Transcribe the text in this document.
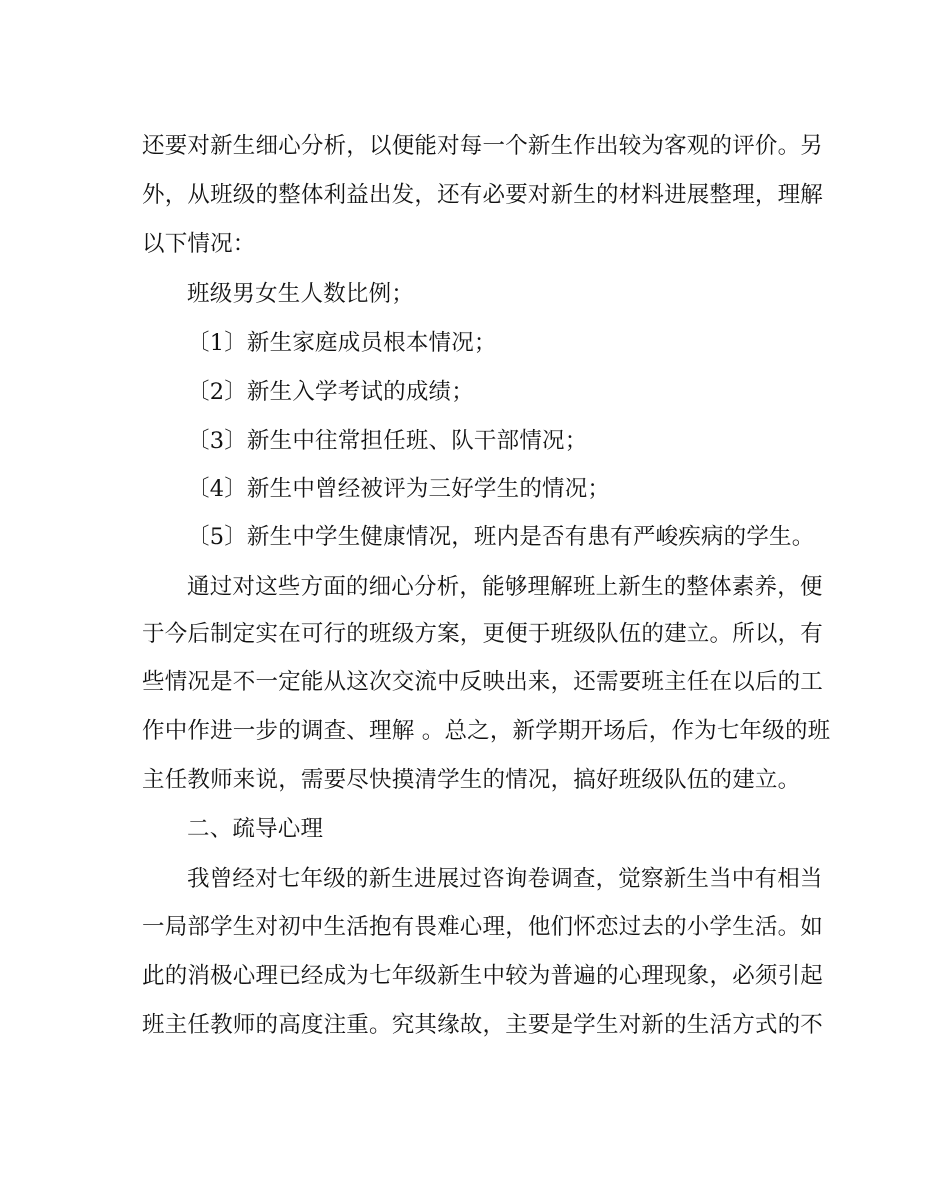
还要对新生细心分析，以便能对每一个新生作出较为客观的评价。另
外，从班级的整体利益出发，还有必要对新生的材料进展整理，理解
以下情况：
班级男女生人数比例；
〔1〕新生家庭成员根本情况；
〔2〕新生入学考试的成绩；
〔3〕新生中往常担任班、队干部情况；
〔4〕新生中曾经被评为三好学生的情况；
〔5〕新生中学生健康情况，班内是否有患有严峻疾病的学生。
通过对这些方面的细心分析，能够理解班上新生的整体素养，便
于今后制定实在可行的班级方案，更便于班级队伍的建立。所以，有
些情况是不一定能从这次交流中反映出来，还需要班主任在以后的工
作中作进一步的调查、理解 。总之，新学期开场后，作为七年级的班
主任教师来说，需要尽快摸清学生的情况，搞好班级队伍的建立。
二、疏导心理
我曾经对七年级的新生进展过咨询卷调查，觉察新生当中有相当
一局部学生对初中生活抱有畏难心理，他们怀恋过去的小学生活。如
此的消极心理已经成为七年级新生中较为普遍的心理现象，必须引起
班主任教师的高度注重。究其缘故，主要是学生对新的生活方式的不
